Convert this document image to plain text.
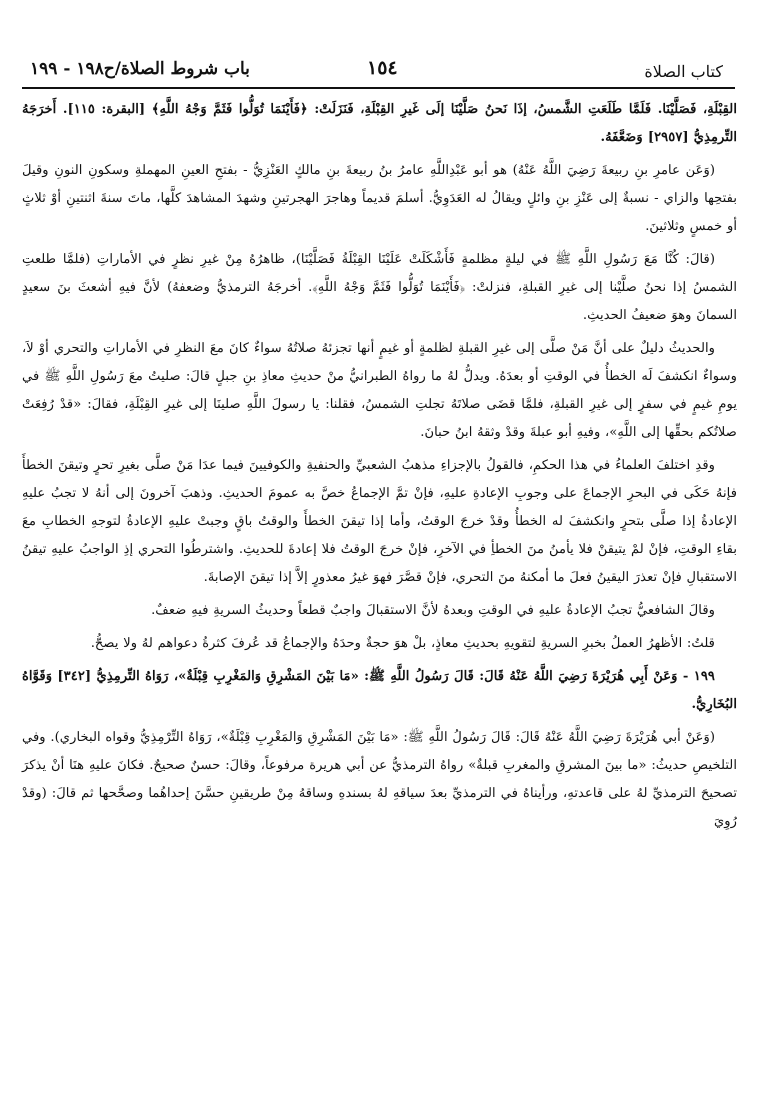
باب شروط الصلاة/ح١٩٨ - ١٩٩	١٥٤	كتاب الصلاة

القِبْلَةِ، فَصَلَّيْنَا. فَلَمَّا طَلَعَتِ الشَّمسُ، إذَا نَحنُ صَلَّيْنَا إلَى غَيرِ القِبْلَةِ، فَنَزَلَتْ: ﴿فَأَيْنَمَا تُوَلُّوا فَثَمَّ وَجْهُ اللَّهِ﴾ [البقرة: ١١٥]. أَخرَجَهُ التِّرمِذِيُّ [٢٩٥٧] وَضَعَّفَهُ.

(وَعَن عامرِ بنِ ربيعةَ رَضِيَ اللَّهُ عَنْهُ) هو أبو عَبْدِاللَّهِ عامرُ بنُ ربيعةَ بنِ مالكٍ العَنْزِيُّ - بفتحِ العينِ المهملةِ وسكونِ النونِ وقيلَ بفتحِها والزاي - نسبةٌ إلى عَنْزِ بنِ وائلٍ ويقالُ له العَدَوِيُّ. أسلمَ قديماً وهاجرَ الهجرتينِ وشهدَ المشاهدَ كلَّها، ماتَ سنةَ اثنتينِ أوْ ثلاثٍ أو خمسٍ وثلاثينَ.

(قالَ: كُنَّا مَعَ رَسُولِ اللَّهِ ﷺ في ليلةٍ مظلمةٍ فَأَشْكَلَتْ عَلَيْنَا القِبْلَةُ فَصَلَّيْنَا)، ظاهرُهُ مِنْ غيرِ نظرٍ في الأماراتِ (فلمَّا طلعتِ الشمسُ إذا نحنُ صلَّيْنا إلى غيرِ القبلةِ، فنزلتْ: ﴿فَأَيْنَمَا تُوَلُّوا فَثَمَّ وَجْهُ اللَّهِ﴾. أخرجَهُ الترمذيُّ وضعفهُ) لأنَّ فيهِ أشعثَ بنَ سعيدٍ السمانَ وهوَ ضعيفُ الحديثِ.

والحديثُ دليلٌ على أنَّ مَنْ صلَّى إلى غيرِ القبلةِ لظلمةٍ أو غيمٍ أنها تجزئهُ صلاتُهُ سواءٌ كانَ معَ النظرِ في الأماراتِ والتحري أوْ لاَ، وسواءٌ انكشفَ لَه الخطأُ في الوقتِ أو بعدَهُ. ويدلُّ لهُ ما رواهُ الطبرانيُّ منْ حديثِ معاذِ بنِ جبلٍ قالَ: صليتُ معَ رَسُولِ اللَّهِ ﷺ في يومِ غيمٍ في سفرٍ إلى غيرِ القبلةِ، فلمَّا قضَى صلاتَهُ تجلتِ الشمسُ، فقلنا: يا رسولَ اللَّهِ صلينَا إلى غيرِ القِبْلَةِ، فقالَ: «قدْ رُفِعَتْ صلاتُكم بحقِّها إلى اللَّهِ»، وفيهِ أبو عبلةَ وقدْ وثقهُ ابنُ حبانَ.

وقدِ اختلفَ العلماءُ في هذا الحكمِ، فالقولُ بالإجزاءِ مذهبُ الشعبيِّ والحنفيةِ والكوفيينَ فيما عدَا مَنْ صلَّى بغيرِ تحرٍ وتيقنَ الخطأَ فإنهُ حَكَى في البحرِ الإجماعَ على وجوبِ الإعادةِ عليهِ، فإنْ تمَّ الإجماعُ خصَّ به عمومَ الحديثِ. وذهبَ آخرونَ إلى أنهُ لا تجبُ عليهِ الإعادةُ إذا صلَّى بتحرٍ وانكشفَ له الخطأُ وقدْ خرجَ الوقتُ، وأما إذا تيقنَ الخطأَ والوقتُ باقٍ وجبتْ عليهِ الإعادةُ لتوجهِ الخطابِ معَ بقاءِ الوقتِ، فإنْ لمْ يتيقنْ فلا يأمنُ منَ الخطأِ في الآخرِ، فإنْ خرجَ الوقتُ فلا إعادةَ للحديثِ. واشترطُوا التحري إذِ الواجبُ عليهِ تيقنُ الاستقبالِ فإنْ تعذرَ اليقينُ فعلَ ما أمكنهُ منَ التحري، فإنْ قصَّرَ فهوَ غيرُ معذورٍ إلاَّ إذا تيقنَ الإصابةَ.

وقالَ الشافعيُّ تجبُ الإعادةُ عليهِ في الوقتِ وبعدهُ لأنَّ الاستقبالَ واجبٌ قطعاً وحديثُ السريةِ فيهِ ضعفٌ.

قلتُ: الأظهرُ العملُ بخبرِ السريةِ لتقويهِ بحديثِ معاذٍ، بلْ هوَ حجةٌ وحدَهُ والإجماعُ قد عُرفَ كثرةُ دعواهم لهُ ولا يصحُّ.

١٩٩ - وَعَنْ أَبِي هُرَيْرَةَ رَضِيَ اللَّهُ عَنْهُ قَالَ: قَالَ رَسُولُ اللَّهِ ﷺ: «مَا بَيْنَ المَشْرِقِ وَالمَغْرِبِ قِبْلَةٌ»، رَوَاهُ التِّرمِذِيُّ [٣٤٢] وَقَوَّاهُ البُخَارِيُّ.

(وَعَنْ أبي هُرَيْرَةَ رَضِيَ اللَّهُ عَنْهُ قَالَ: قَالَ رَسُولُ اللَّهِ ﷺ: «مَا بَيْنَ المَشْرِقِ وَالمَغْرِبِ قِبْلَةٌ»، رَوَاهُ التِّرْمِذِيُّ وقواه البخاري). وفي التلخيصِ حديثُ: «ما بينَ المشرقِ والمغربِ قبلةٌ» رواهُ الترمذيُّ عن أبي هريرة مرفوعاً، وقالَ: حسنٌ صحيحٌ. فكانَ عليهِ هنَا أنْ يذكرَ تصحيحَ الترمذيِّ لهُ على قاعدتهِ، ورأيناهُ في الترمذيِّ بعدَ سياقهِ لهُ بسندهِ وساقهُ مِنْ طريقينِ حسَّنَ إحداهُما وصحَّحها ثم قالَ: (وقدْ رُوِيَ
